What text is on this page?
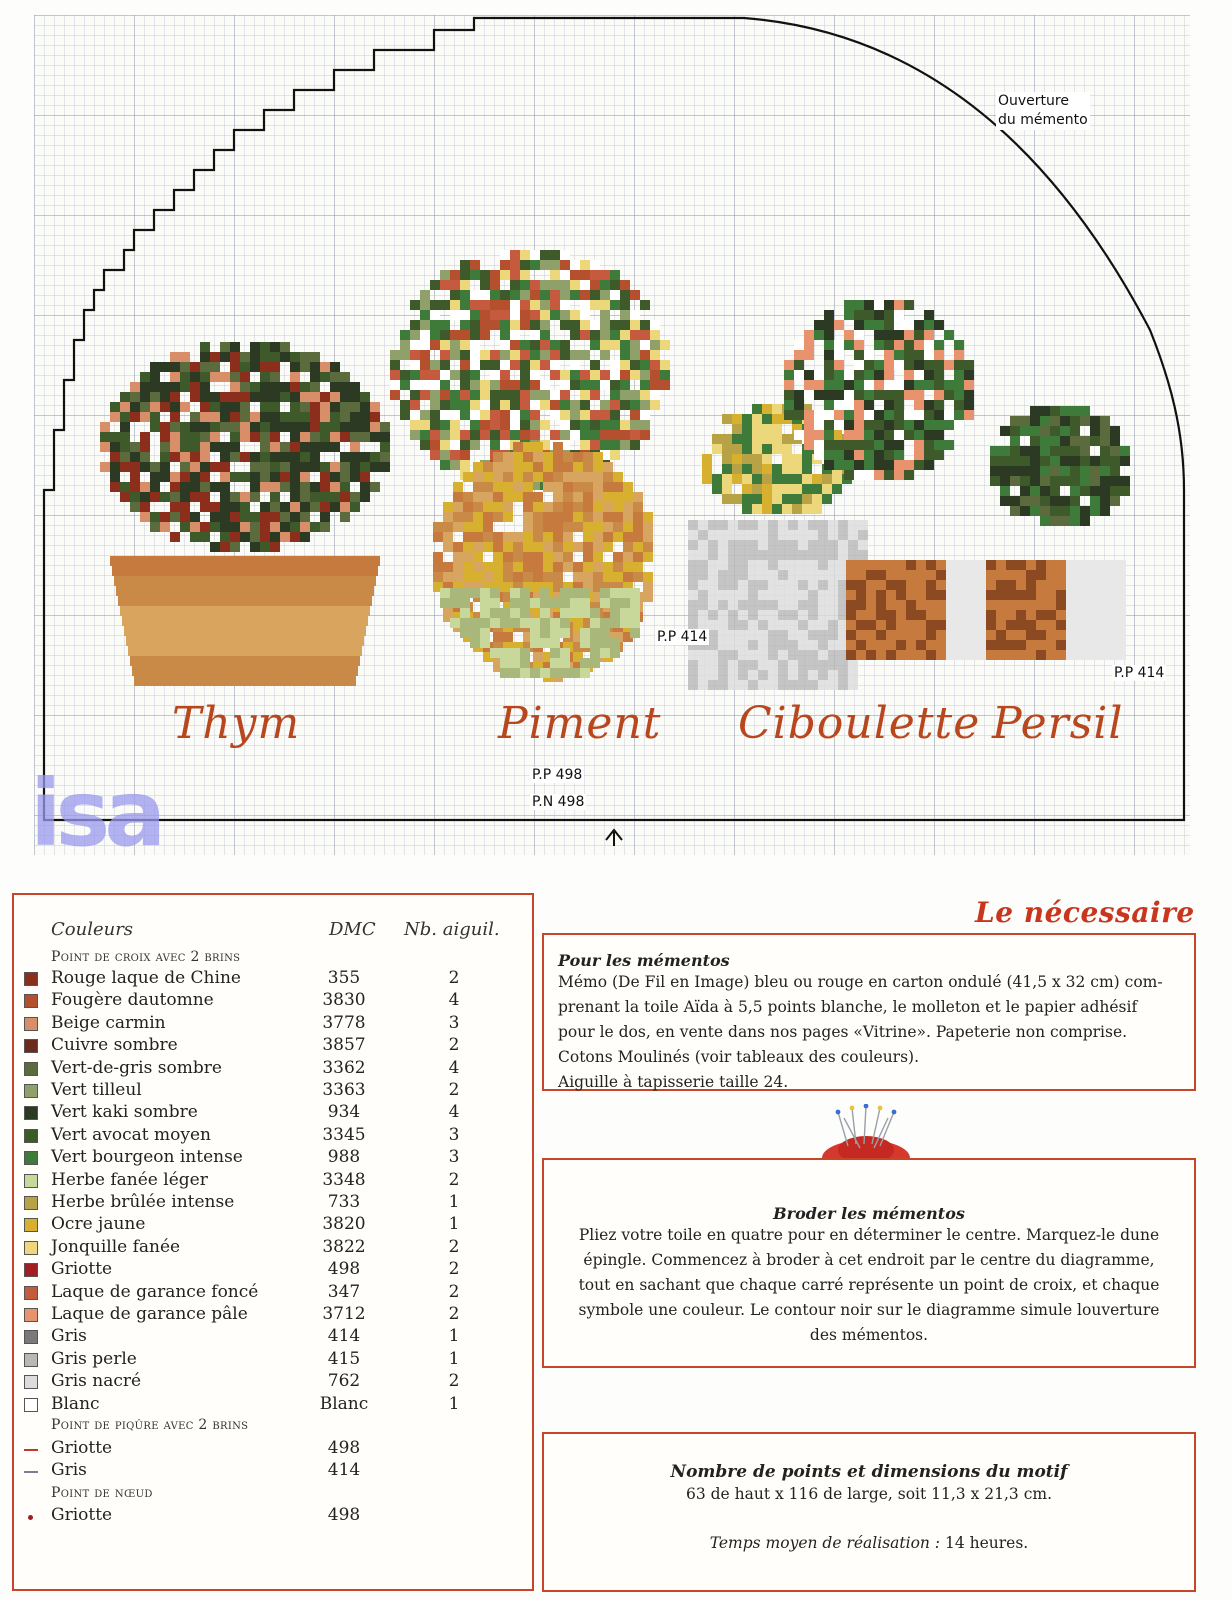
isa
Ouverture
du mémento
P.P 414
P.P 414
P.P 498
P.N 498
Thym	Piment Ciboulette Persil
Couleurs	DMC Nb. aiguil.
Point de croix avec 2 brins
Rouge laque de Chine	355	2
Fougère dautomne	3830	4
Beige carmin	3778	3
Cuivre sombre	3857	2
Vert-de-gris sombre	3362	4
Vert tilleul	3363	2
Vert kaki sombre	934	4
Vert avocat moyen	3345	3
Vert bourgeon intense	988	3
Herbe fanée léger	3348	2
Herbe brûlée intense	733	1
Ocre jaune	3820	1
Jonquille fanée	3822	2
Griotte	498	2
Laque de garance foncé	347	2
Laque de garance pâle	3712	2
Gris	414	1
Gris perle	415	1
Gris nacré	762	2
Blanc	Blanc	1
Point de piqûre avec 2 brins
Griotte	498
Gris	414
Point de nœud
Griotte	498
Le nécessaire
Pour les mémentos

Mémo (De Fil en Image) bleu ou rouge en carton ondulé (41,5 x 32 cm) com-

prenant la toile Aïda à 5,5 points blanche, le molleton et le papier adhésif

pour le dos, en vente dans nos pages «Vitrine». Papeterie non comprise.

Cotons Moulinés (voir tableaux des couleurs).

Aiguille à tapisserie taille 24.

Broder les mémentos

Pliez votre toile en quatre pour en déterminer le centre. Marquez-le dune

épingle. Commencez à broder à cet endroit par le centre du diagramme,

tout en sachant que chaque carré représente un point de croix, et chaque

symbole une couleur. Le contour noir sur le diagramme simule louverture

des mémentos.

Nombre de points et dimensions du motif

63 de haut x 116 de large, soit 11,3 x 21,3 cm.

Temps moyen de réalisation : 14 heures.
